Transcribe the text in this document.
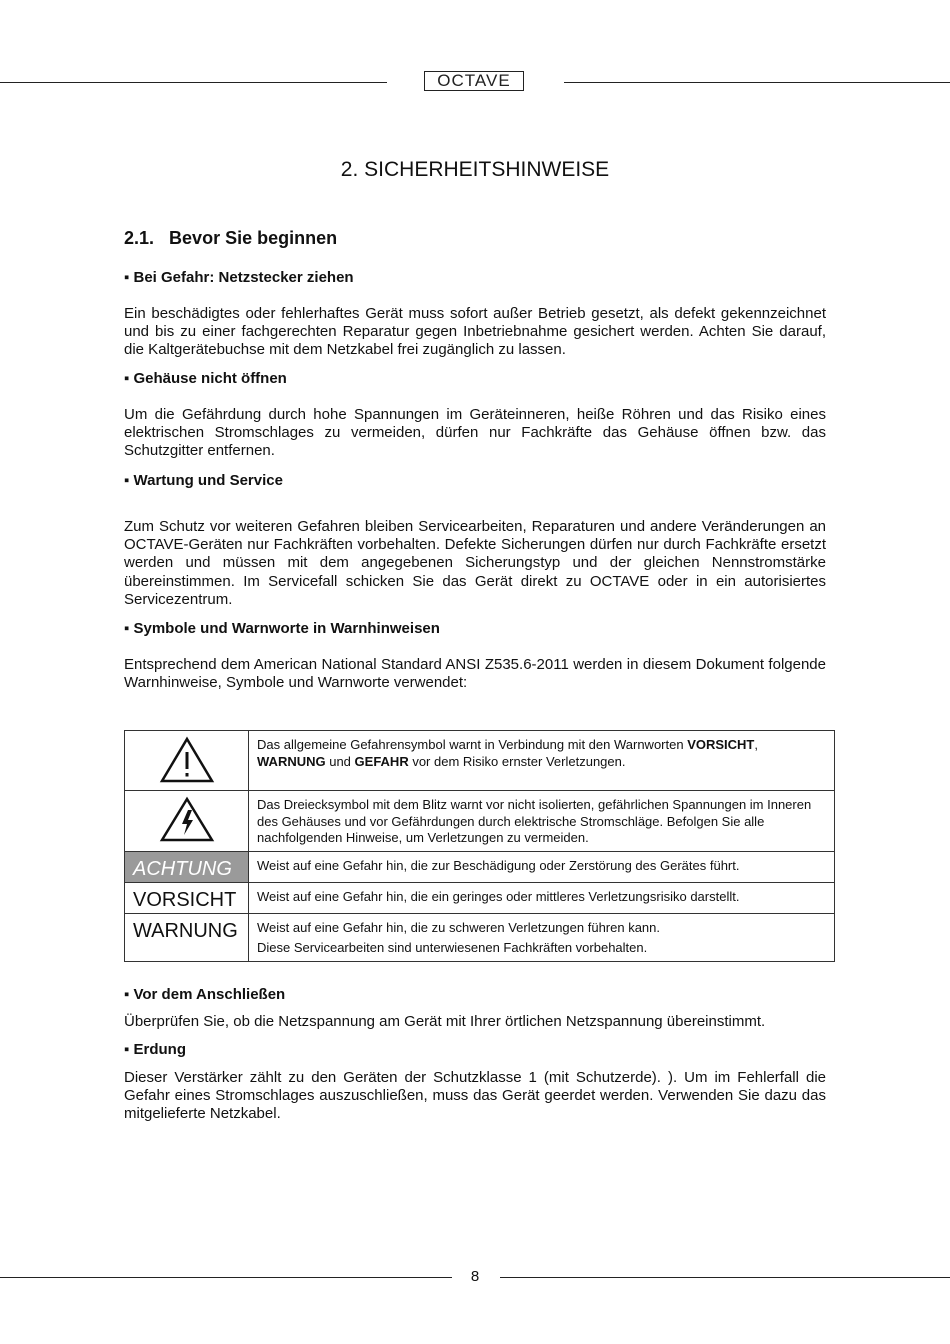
OCTAVE
2. SICHERHEITSHINWEISE
2.1. Bevor Sie beginnen
▪ Bei Gefahr: Netzstecker ziehen
Ein beschädigtes oder fehlerhaftes Gerät muss sofort außer Betrieb gesetzt, als defekt gekennzeichnet und bis zu einer fachgerechten Reparatur gegen Inbetriebnahme gesichert werden. Achten Sie darauf, die Kaltgerätebuchse mit dem Netzkabel frei zugänglich zu lassen.
▪ Gehäuse nicht öffnen
Um die Gefährdung durch hohe Spannungen im Geräteinneren, heiße Röhren und das Risiko eines elektrischen Stromschlages zu vermeiden, dürfen nur Fachkräfte das Gehäuse öffnen bzw. das Schutzgitter entfernen.
▪ Wartung und Service
Zum Schutz vor weiteren Gefahren bleiben Servicearbeiten, Reparaturen und andere Veränderungen an OCTAVE-Geräten nur Fachkräften vorbehalten. Defekte Sicherungen dürfen nur durch Fachkräfte ersetzt werden und müssen mit dem angegebenen Sicherungstyp und der gleichen Nennstromstärke übereinstimmen. Im Servicefall schicken Sie das Gerät direkt zu OCTAVE oder in ein autorisiertes Servicezentrum.
▪ Symbole und Warnworte in Warnhinweisen
Entsprechend dem American National Standard ANSI Z535.6-2011 werden in diesem Dokument folgende Warnhinweise, Symbole und Warnworte verwendet:
	Das allgemeine Gefahrensymbol warnt in Verbindung mit den Warnworten VORSICHT, WARNUNG und GEFAHR vor dem Risiko ernster Verletzungen.
	Das Dreiecksymbol mit dem Blitz warnt vor nicht isolierten, gefährlichen Spannungen im Inneren des Gehäuses und vor Gefährdungen durch elektrische Stromschläge. Befolgen Sie alle nachfolgenden Hinweise, um Verletzungen zu vermeiden.

ACHTUNG	Weist auf eine Gefahr hin, die zur Beschädigung oder Zerstörung des Gerätes führt.

VORSICHT	Weist auf eine Gefahr hin, die ein geringes oder mittleres Verletzungsrisiko darstellt.

WARNUNG	Weist auf eine Gefahr hin, die zu schweren Verletzungen führen kann.
Diese Servicearbeiten sind unterwiesenen Fachkräften vorbehalten.
▪ Vor dem Anschließen
Überprüfen Sie, ob die Netzspannung am Gerät mit Ihrer örtlichen Netzspannung übereinstimmt.
▪ Erdung
Dieser Verstärker zählt zu den Geräten der Schutzklasse 1 (mit Schutzerde). ). Um im Fehlerfall die Gefahr eines Stromschlages auszuschließen, muss das Gerät geerdet werden. Verwenden Sie dazu das mitgelieferte Netzkabel.
8
